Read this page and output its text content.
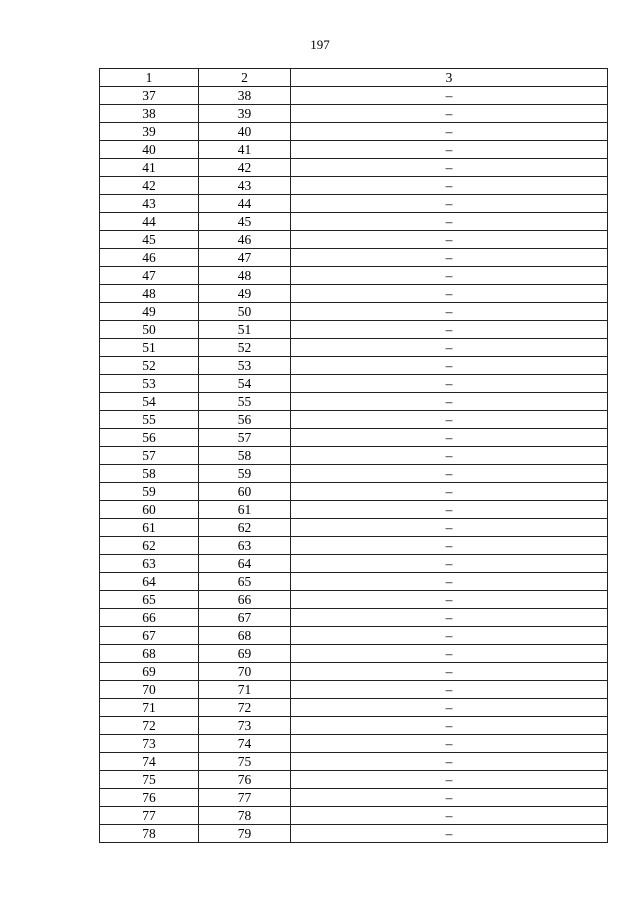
197
1	2	3
37	38	–
38	39	–
39	40	–
40	41	–
41	42	–
42	43	–
43	44	–
44	45	–
45	46	–
46	47	–
47	48	–
48	49	–
49	50	–
50	51	–
51	52	–
52	53	–
53	54	–
54	55	–
55	56	–
56	57	–
57	58	–
58	59	–
59	60	–
60	61	–
61	62	–
62	63	–
63	64	–
64	65	–
65	66	–
66	67	–
67	68	–
68	69	–
69	70	–
70	71	–
71	72	–
72	73	–
73	74	–
74	75	–
75	76	–
76	77	–
77	78	–
78	79	–
